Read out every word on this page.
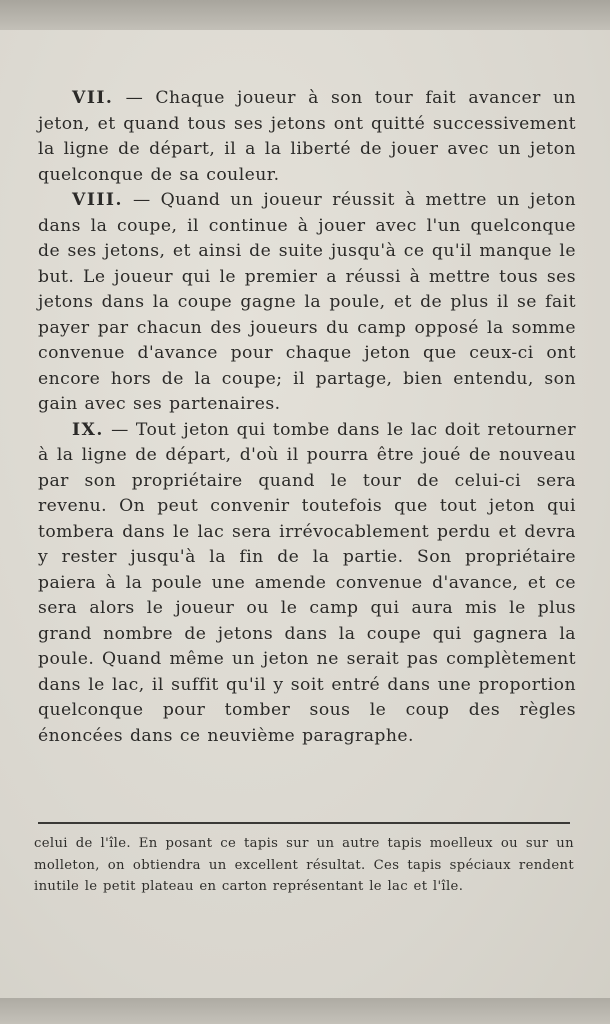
VII. — Chaque joueur à son tour fait avancer un jeton, et quand tous ses jetons ont quitté successivement la ligne de départ, il a la liberté de jouer avec un jeton quelconque de sa couleur.

VIII. — Quand un joueur réussit à mettre un jeton dans la coupe, il continue à jouer avec l'un quelconque de ses jetons, et ainsi de suite jusqu'à ce qu'il manque le but. Le joueur qui le premier a réussi à mettre tous ses jetons dans la coupe gagne la poule, et de plus il se fait payer par chacun des joueurs du camp opposé la somme convenue d'avance pour chaque jeton que ceux-ci ont encore hors de la coupe; il partage, bien entendu, son gain avec ses partenaires.

IX. — Tout jeton qui tombe dans le lac doit retourner à la ligne de départ, d'où il pourra être joué de nouveau par son propriétaire quand le tour de celui-ci sera revenu. On peut convenir toutefois que tout jeton qui tombera dans le lac sera irrévocablement perdu et devra y rester jusqu'à la fin de la partie. Son propriétaire paiera à la poule une amende convenue d'avance, et ce sera alors le joueur ou le camp qui aura mis le plus grand nombre de jetons dans la coupe qui gagnera la poule. Quand même un jeton ne serait pas complètement dans le lac, il suffit qu'il y soit entré dans une proportion quelconque pour tomber sous le coup des règles énoncées dans ce neuvième paragraphe.

celui de l'île. En posant ce tapis sur un autre tapis moelleux ou sur un molleton, on obtiendra un excellent résultat. Ces tapis spéciaux rendent inutile le petit plateau en carton représentant le lac et l'île.
